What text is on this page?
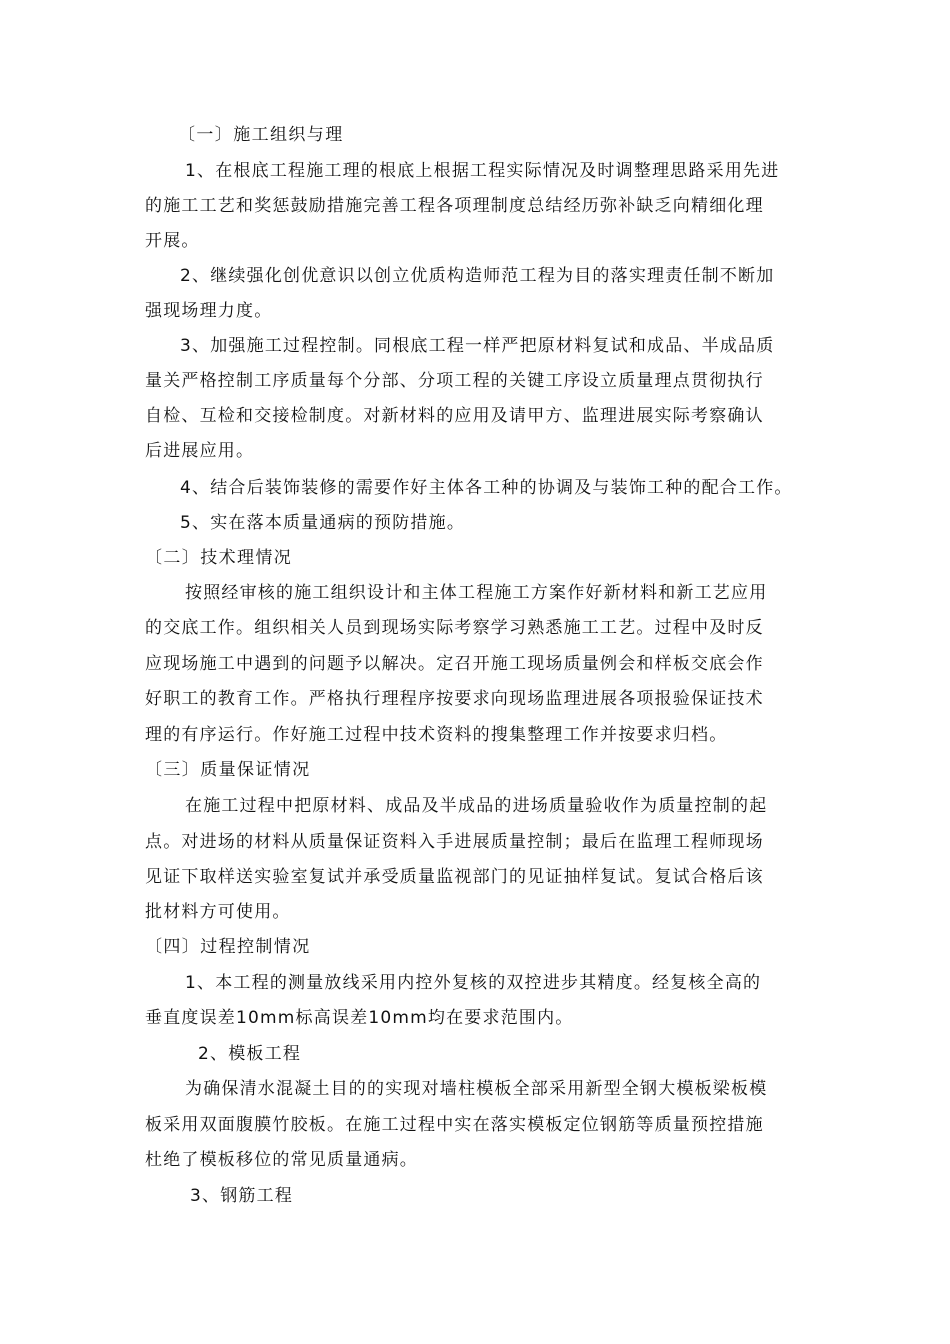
〔一〕施工组织与理
1、在根底工程施工理的根底上根据工程实际情况及时调整理思路采用先进
的施工工艺和奖惩鼓励措施完善工程各项理制度总结经历弥补缺乏向精细化理
开展。
2、继续强化创优意识以创立优质构造师范工程为目的落实理责任制不断加
强现场理力度。
3、加强施工过程控制。同根底工程一样严把原材料复试和成品、半成品质
量关严格控制工序质量每个分部、分项工程的关键工序设立质量理点贯彻执行
自检、互检和交接检制度。对新材料的应用及请甲方、监理进展实际考察确认
后进展应用。
4、结合后装饰装修的需要作好主体各工种的协调及与装饰工种的配合工作。
5、实在落本质量通病的预防措施。
〔二〕技术理情况
按照经审核的施工组织设计和主体工程施工方案作好新材料和新工艺应用
的交底工作。组织相关人员到现场实际考察学习熟悉施工工艺。过程中及时反
应现场施工中遇到的问题予以解决。定召开施工现场质量例会和样板交底会作
好职工的教育工作。严格执行理程序按要求向现场监理进展各项报验保证技术
理的有序运行。作好施工过程中技术资料的搜集整理工作并按要求归档。
〔三〕质量保证情况
在施工过程中把原材料、成品及半成品的进场质量验收作为质量控制的起
点。对进场的材料从质量保证资料入手进展质量控制；最后在监理工程师现场
见证下取样送实验室复试并承受质量监视部门的见证抽样复试。复试合格后该
批材料方可使用。
〔四〕过程控制情况
1、本工程的测量放线采用内控外复核的双控进步其精度。经复核全高的
垂直度误差10mm标高误差10mm均在要求范围内。
2、模板工程
为确保清水混凝土目的的实现对墙柱模板全部采用新型全钢大模板梁板模
板采用双面腹膜竹胶板。在施工过程中实在落实模板定位钢筋等质量预控措施
杜绝了模板移位的常见质量通病。
3、钢筋工程
